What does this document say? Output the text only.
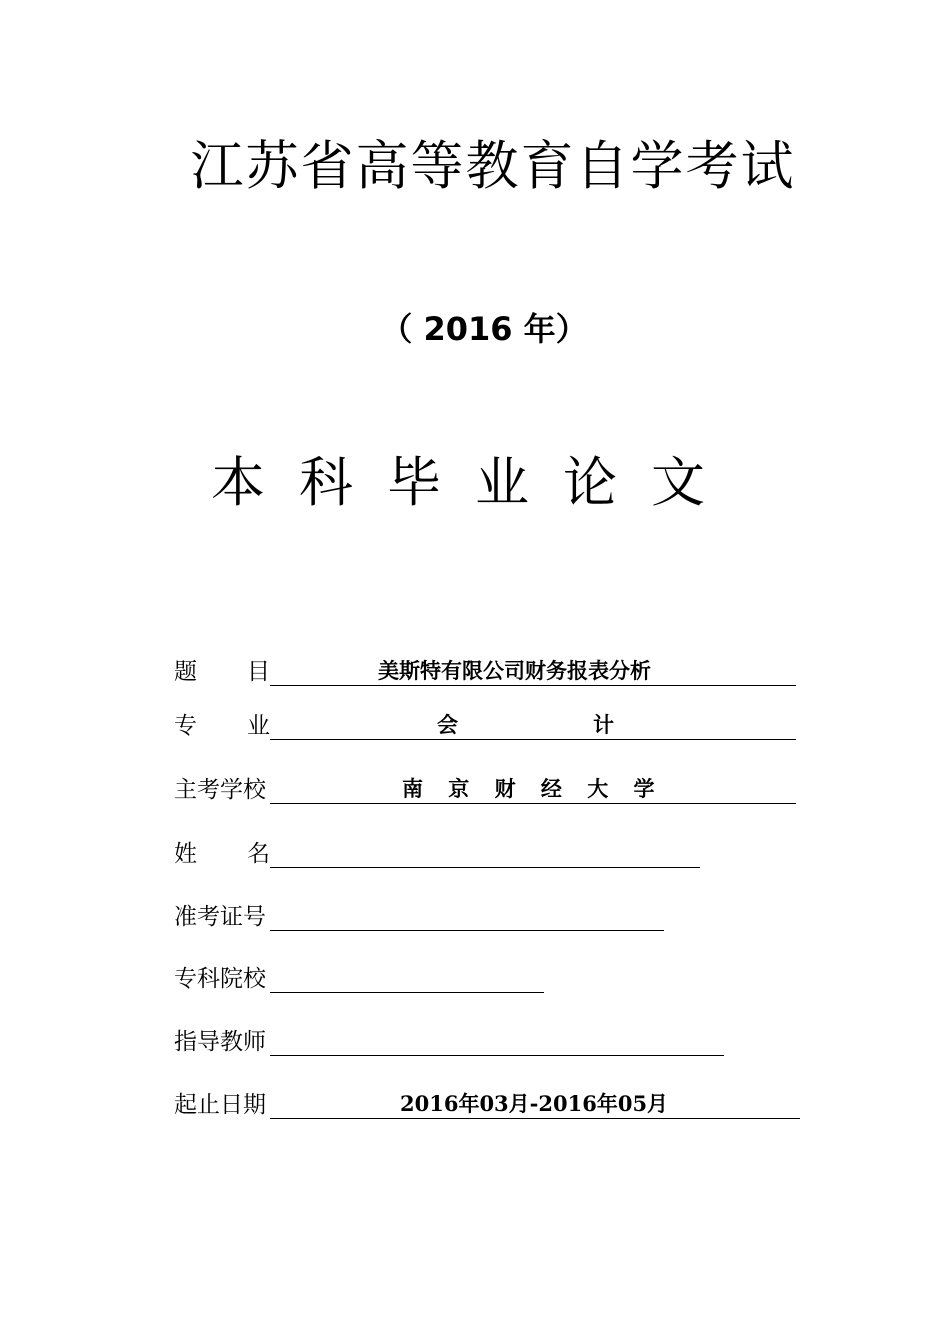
江苏省高等教育自学考试
（ 2016 年）
本科毕业论文
题 目	美斯特有限公司财务报表分析
专 业	会	计
主考学校	南 京 财 经 大 学
姓 名
准考证号
专科院校
指导教师
起止日期	2016年03月-2016年05月
